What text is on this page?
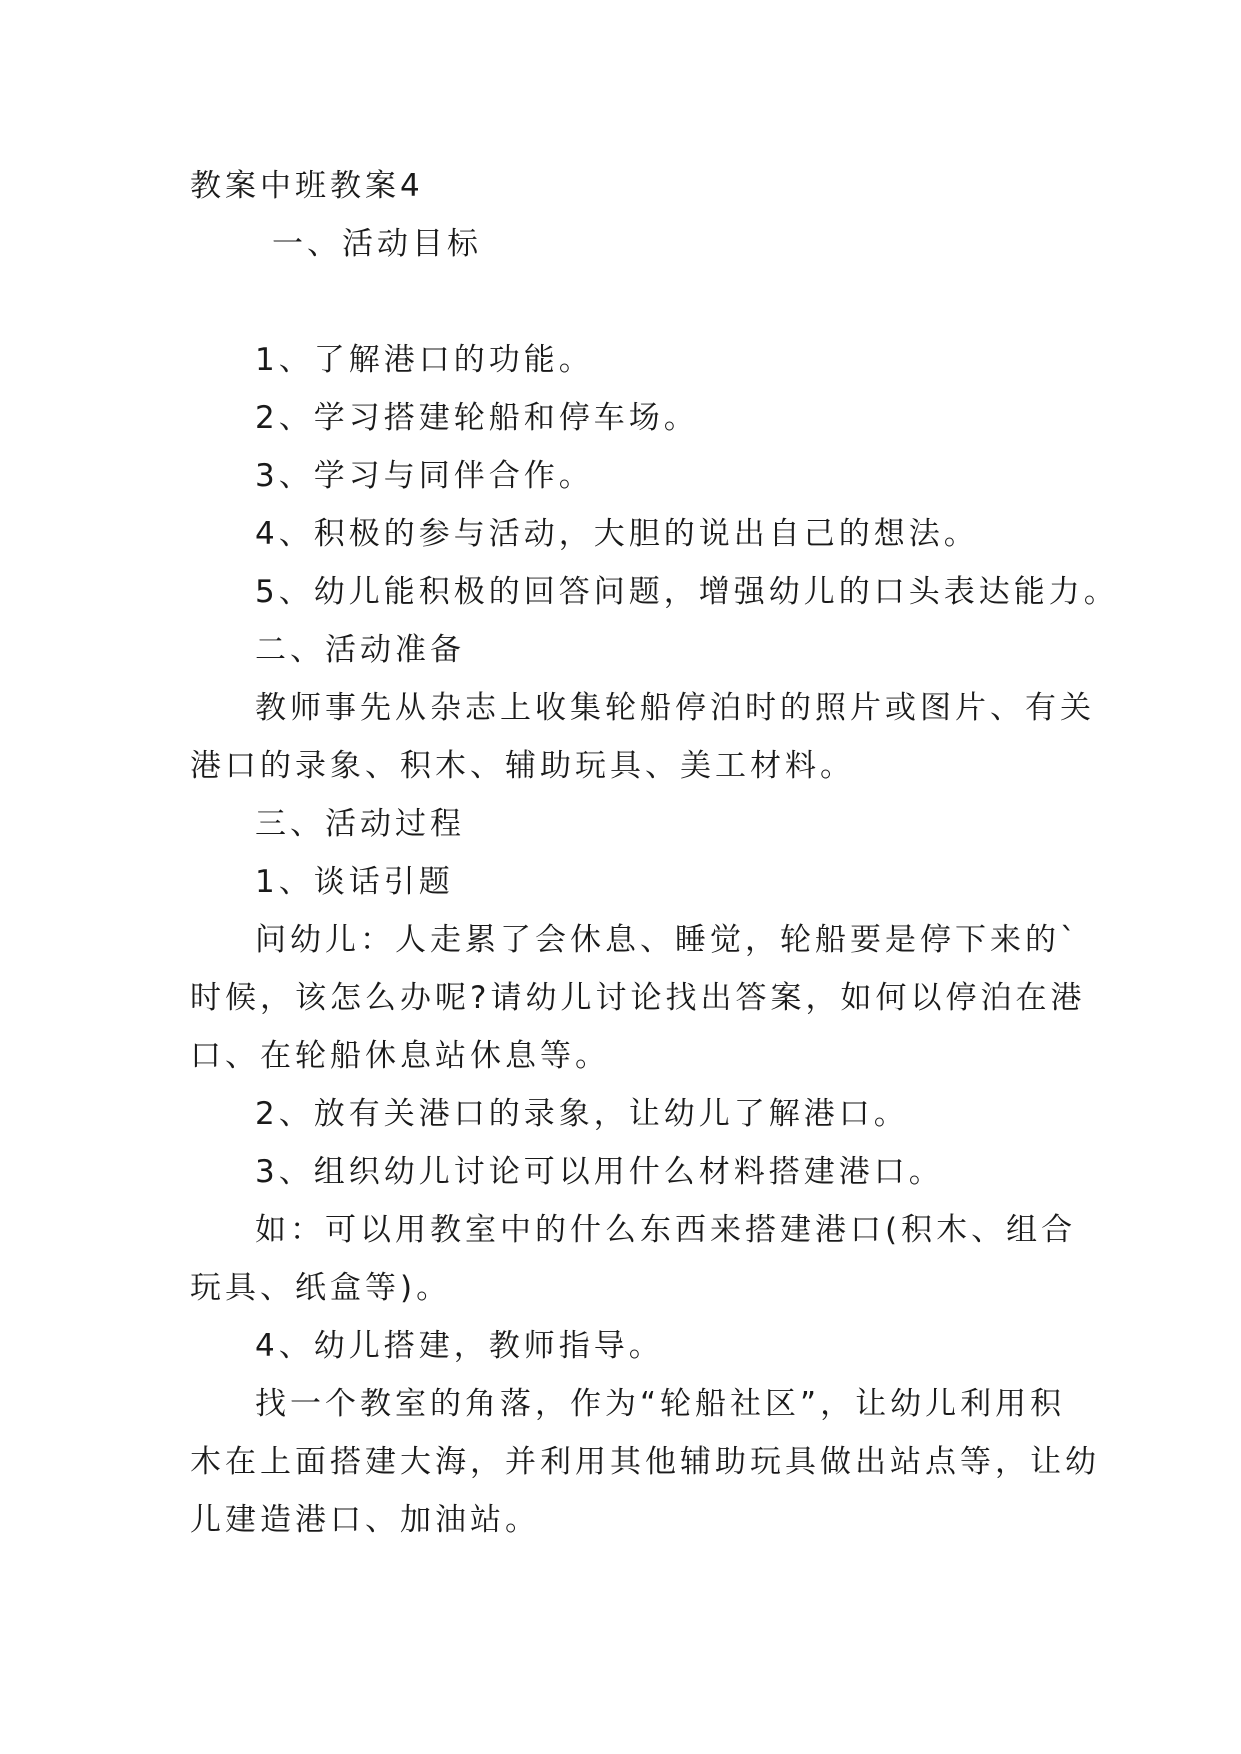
教案中班教案4
一、活动目标
1、了解港口的功能。
2、学习搭建轮船和停车场。
3、学习与同伴合作。
4、积极的参与活动，大胆的说出自己的想法。
5、幼儿能积极的回答问题，增强幼儿的口头表达能力。
二、活动准备
教师事先从杂志上收集轮船停泊时的照片或图片、有关
港口的录象、积木、辅助玩具、美工材料。
三、活动过程
1、谈话引题
问幼儿：人走累了会休息、睡觉，轮船要是停下来的`
时候，该怎么办呢?请幼儿讨论找出答案，如何以停泊在港
口、在轮船休息站休息等。
2、放有关港口的录象，让幼儿了解港口。
3、组织幼儿讨论可以用什么材料搭建港口。
如：可以用教室中的什么东西来搭建港口(积木、组合
玩具、纸盒等)。
4、幼儿搭建，教师指导。
找一个教室的角落，作为“轮船社区”，让幼儿利用积
木在上面搭建大海，并利用其他辅助玩具做出站点等，让幼
儿建造港口、加油站。
